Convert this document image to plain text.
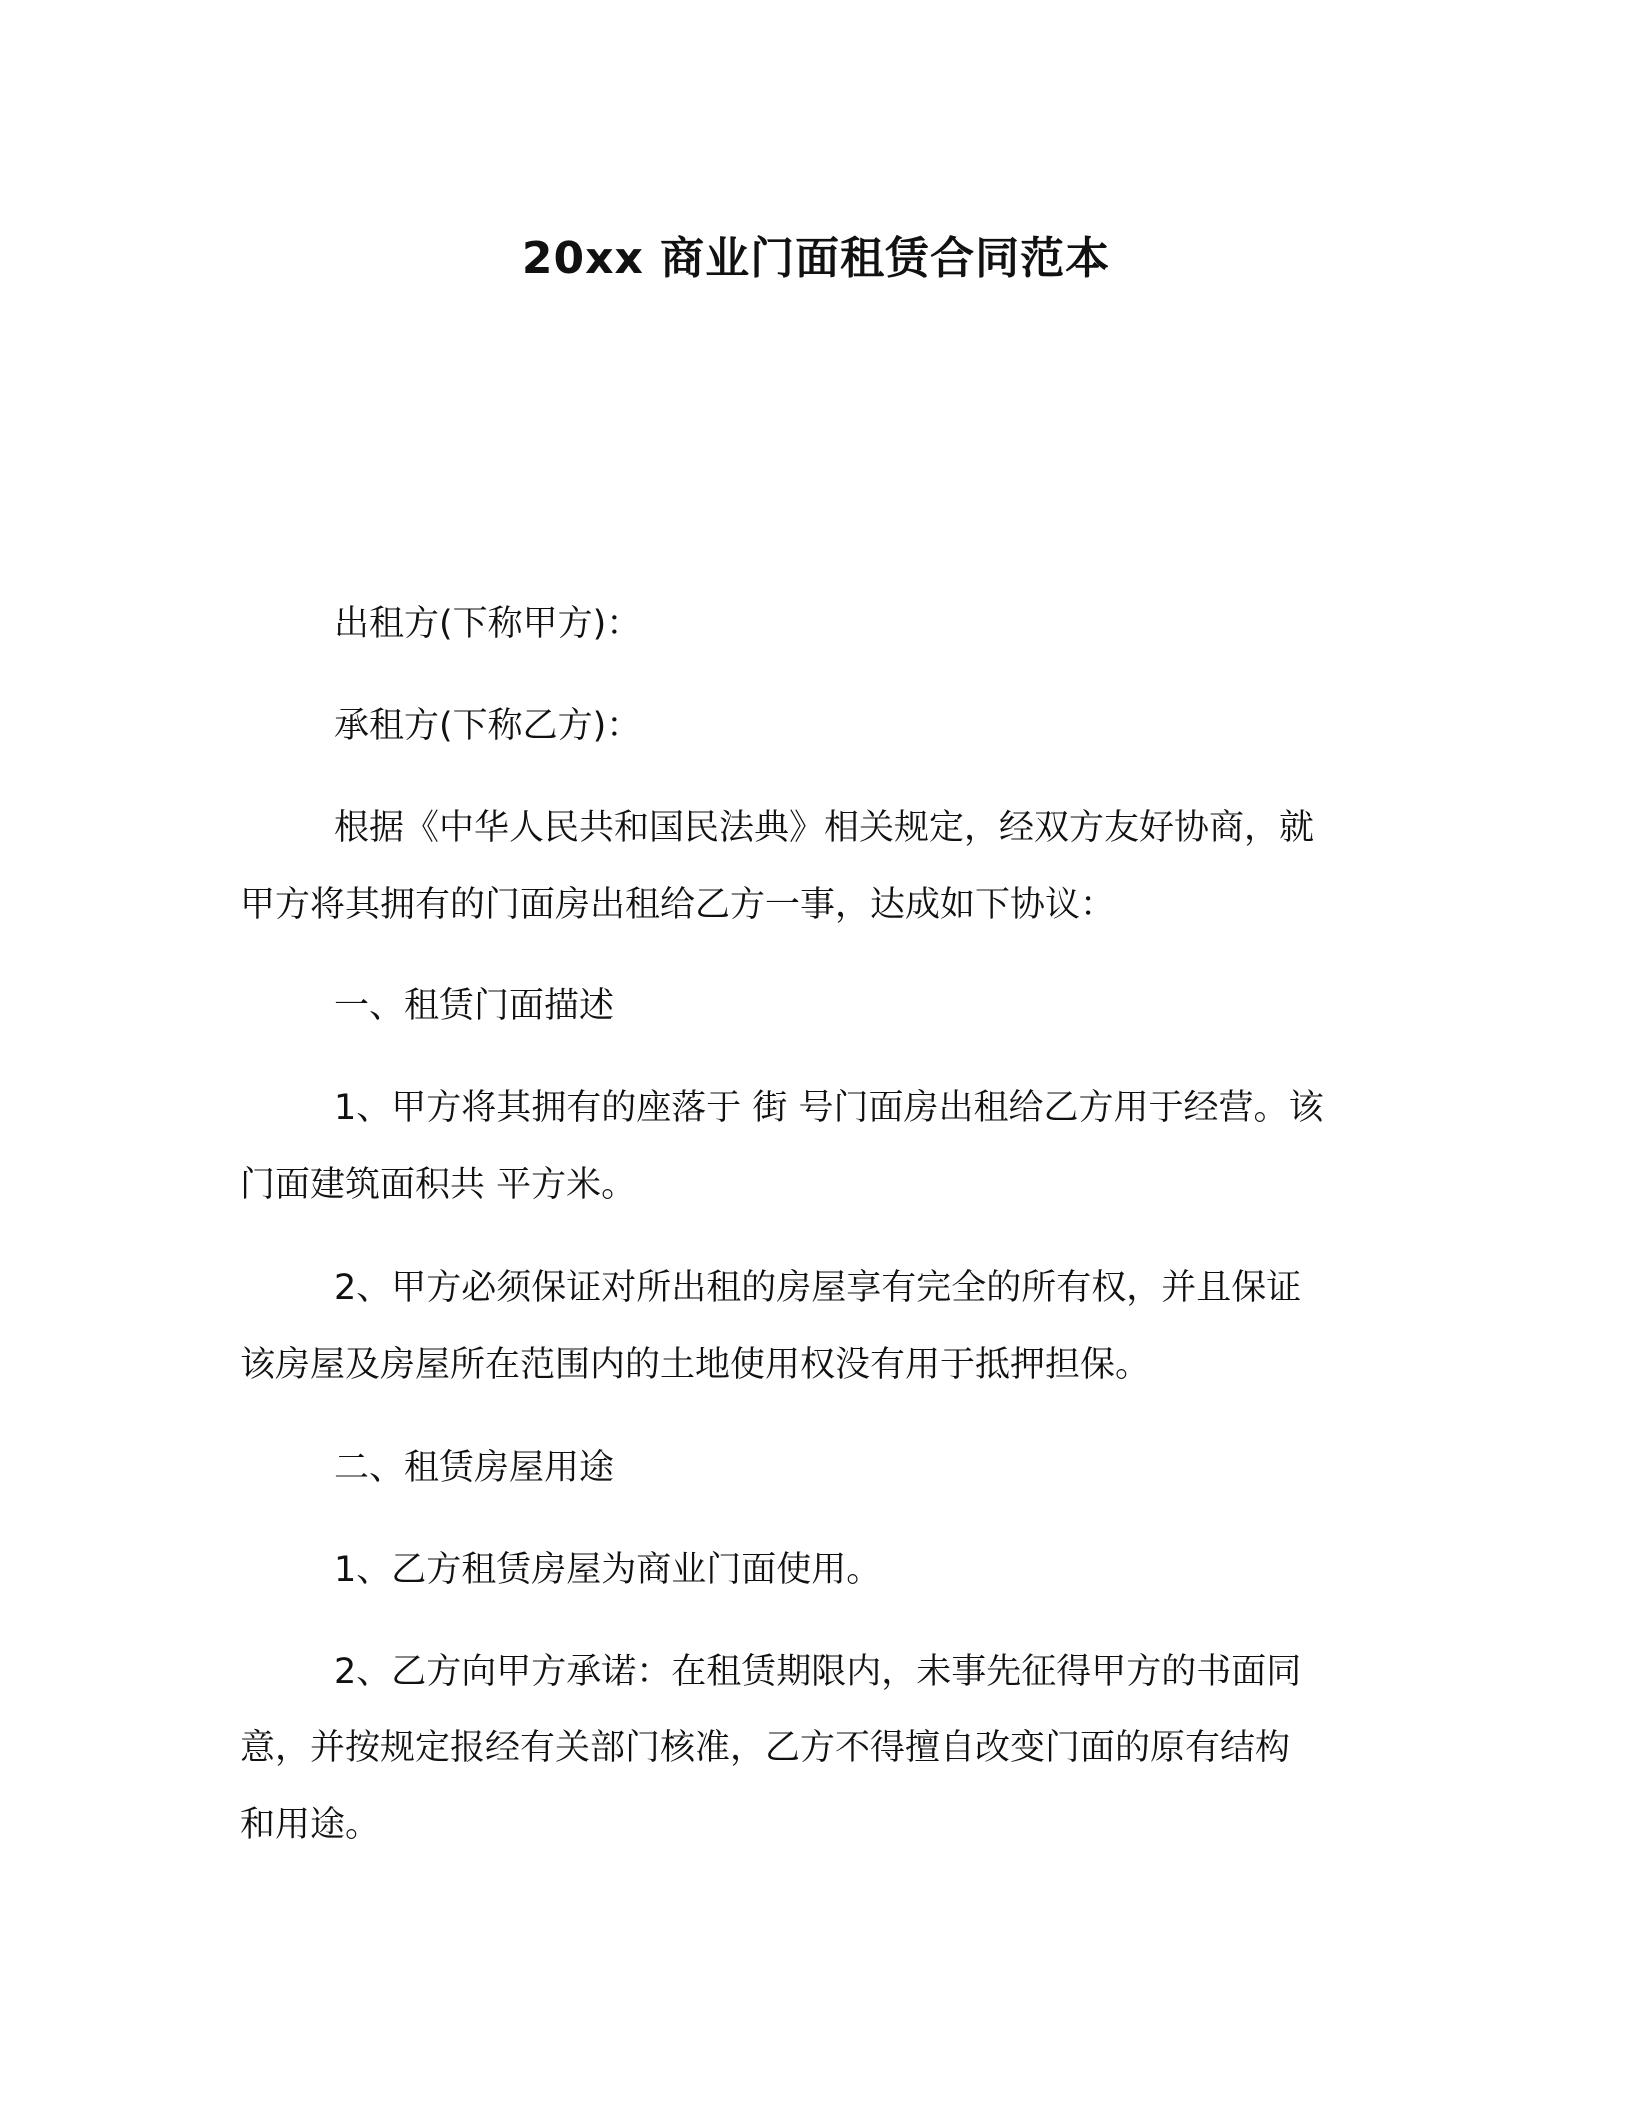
20xx 商业门面租赁合同范本

出租方(下称甲方)：

承租方(下称乙方)：

根据《中华人民共和国民法典》相关规定，经双方友好协商，就

甲方将其拥有的门面房出租给乙方一事，达成如下协议：

一、租赁门面描述

1、甲方将其拥有的座落于 街 号门面房出租给乙方用于经营。该

门面建筑面积共 平方米。

2、甲方必须保证对所出租的房屋享有完全的所有权，并且保证

该房屋及房屋所在范围内的土地使用权没有用于抵押担保。

二、租赁房屋用途

1、乙方租赁房屋为商业门面使用。

2、乙方向甲方承诺：在租赁期限内，未事先征得甲方的书面同

意，并按规定报经有关部门核准，乙方不得擅自改变门面的原有结构

和用途。
